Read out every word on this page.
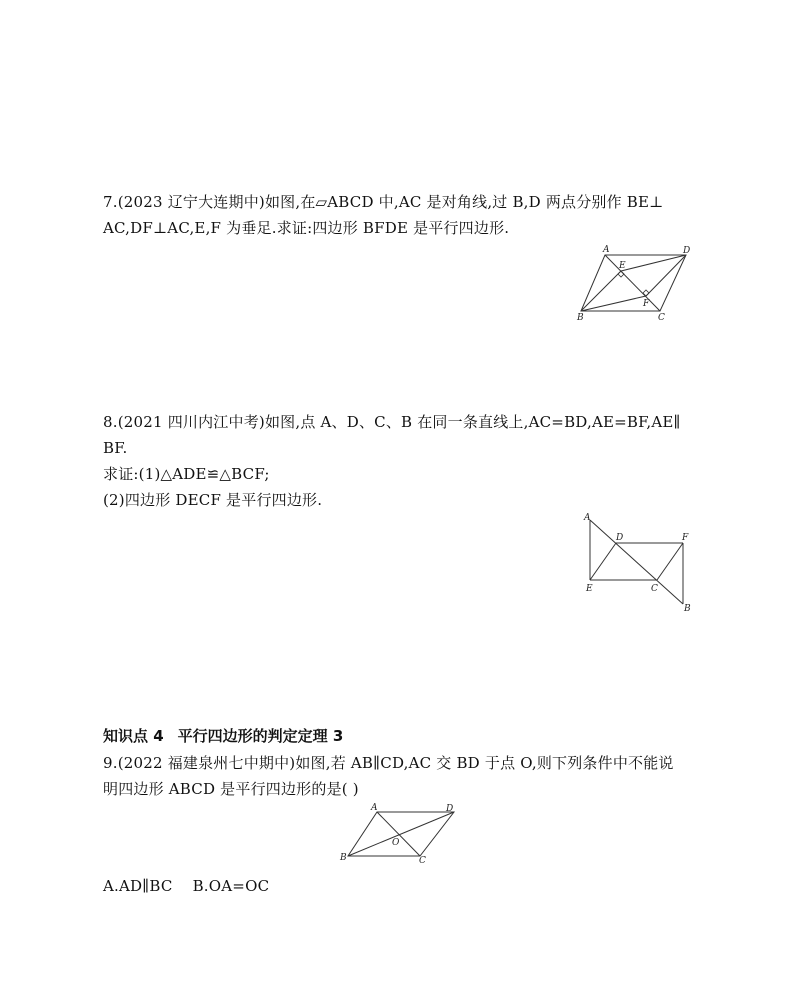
7.(2023 辽宁大连期中)如图,在▱ABCD 中,AC 是对角线,过 B,D 两点分别作 BE⊥
AC,DF⊥AC,E,F 为垂足.求证:四边形 BFDE 是平行四边形.
A	D
E
F
B	C
8.(2021 四川内江中考)如图,点 A、D、C、B 在同一条直线上,AC=BD,AE=BF,AE∥
BF.
求证:(1)△ADE≌△BCF;
(2)四边形 DECF 是平行四边形.
A
D	F
E	C
B
知识点 4 平行四边形的判定定理 3
9.(2022 福建泉州七中期中)如图,若 AB∥CD,AC 交 BD 于点 O,则下列条件中不能说
明四边形 ABCD 是平行四边形的是( )
A	D
O
B	C
A.AD∥BC B.OA=OC
